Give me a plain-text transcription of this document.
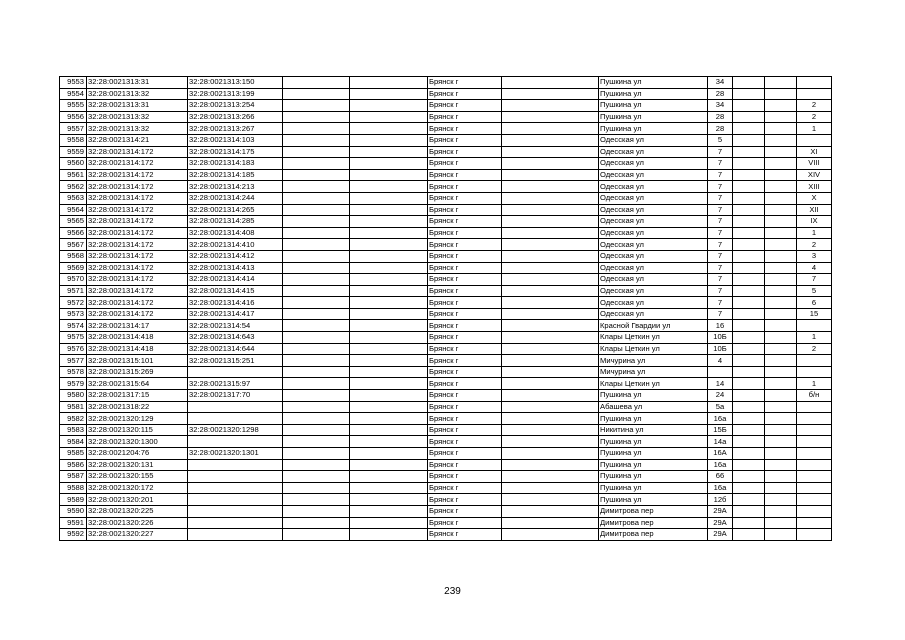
9553	32:28:0021313:31	32:28:0021313:150			Брянск г		Пушкина ул	34			
9554	32:28:0021313:32	32:28:0021313:199			Брянск г		Пушкина ул	28			
9555	32:28:0021313:31	32:28:0021313:254			Брянск г		Пушкина ул	34			2
9556	32:28:0021313:32	32:28:0021313:266			Брянск г		Пушкина ул	28			2
9557	32:28:0021313:32	32:28:0021313:267			Брянск г		Пушкина ул	28			1
9558	32:28:0021314:21	32:28:0021314:103			Брянск г		Одесская ул	5			
9559	32:28:0021314:172	32:28:0021314:175			Брянск г		Одесская ул	7			XI
9560	32:28:0021314:172	32:28:0021314:183			Брянск г		Одесская ул	7			VIII
9561	32:28:0021314:172	32:28:0021314:185			Брянск г		Одесская ул	7			XIV
9562	32:28:0021314:172	32:28:0021314:213			Брянск г		Одесская ул	7			XIII
9563	32:28:0021314:172	32:28:0021314:244			Брянск г		Одесская ул	7			X
9564	32:28:0021314:172	32:28:0021314:265			Брянск г		Одесская ул	7			XII
9565	32:28:0021314:172	32:28:0021314:285			Брянск г		Одесская ул	7			IX
9566	32:28:0021314:172	32:28:0021314:408			Брянск г		Одесская ул	7			1
9567	32:28:0021314:172	32:28:0021314:410			Брянск г		Одесская ул	7			2
9568	32:28:0021314:172	32:28:0021314:412			Брянск г		Одесская ул	7			3
9569	32:28:0021314:172	32:28:0021314:413			Брянск г		Одесская ул	7			4
9570	32:28:0021314:172	32:28:0021314:414			Брянск г		Одесская ул	7			7
9571	32:28:0021314:172	32:28:0021314:415			Брянск г		Одесская ул	7			5
9572	32:28:0021314:172	32:28:0021314:416			Брянск г		Одесская ул	7			6
9573	32:28:0021314:172	32:28:0021314:417			Брянск г		Одесская ул	7			15
9574	32:28:0021314:17	32:28:0021314:54			Брянск г		Красной Гвардии ул	16			
9575	32:28:0021314:418	32:28:0021314:643			Брянск г		Клары Цеткин ул	10Б			1
9576	32:28:0021314:418	32:28:0021314:644			Брянск г		Клары Цеткин ул	10Б			2
9577	32:28:0021315:101	32:28:0021315:251			Брянск г		Мичурина ул	4			
9578	32:28:0021315:269				Брянск г		Мичурина ул				
9579	32:28:0021315:64	32:28:0021315:97			Брянск г		Клары Цеткин ул	14			1
9580	32:28:0021317:15	32:28:0021317:70			Брянск г		Пушкина ул	24			б/н
9581	32:28:0021318:22				Брянск г		Абашева ул	5а			
9582	32:28:0021320:129				Брянск г		Пушкина ул	16а			
9583	32:28:0021320:115	32:28:0021320:1298			Брянск г		Никитина ул	15Б			
9584	32:28:0021320:1300				Брянск г		Пушкина ул	14а			
9585	32:28:0021204:76	32:28:0021320:1301			Брянск г		Пушкина ул	16А			
9586	32:28:0021320:131				Брянск г		Пушкина ул	16а			
9587	32:28:0021320:155				Брянск г		Пушкина ул	66			
9588	32:28:0021320:172				Брянск г		Пушкина ул	16а			
9589	32:28:0021320:201				Брянск г		Пушкина ул	12б			
9590	32:28:0021320:225				Брянск г		Димитрова пер	29А			
9591	32:28:0021320:226				Брянск г		Димитрова пер	29А			
9592	32:28:0021320:227				Брянск г		Димитрова пер	29А			
239
